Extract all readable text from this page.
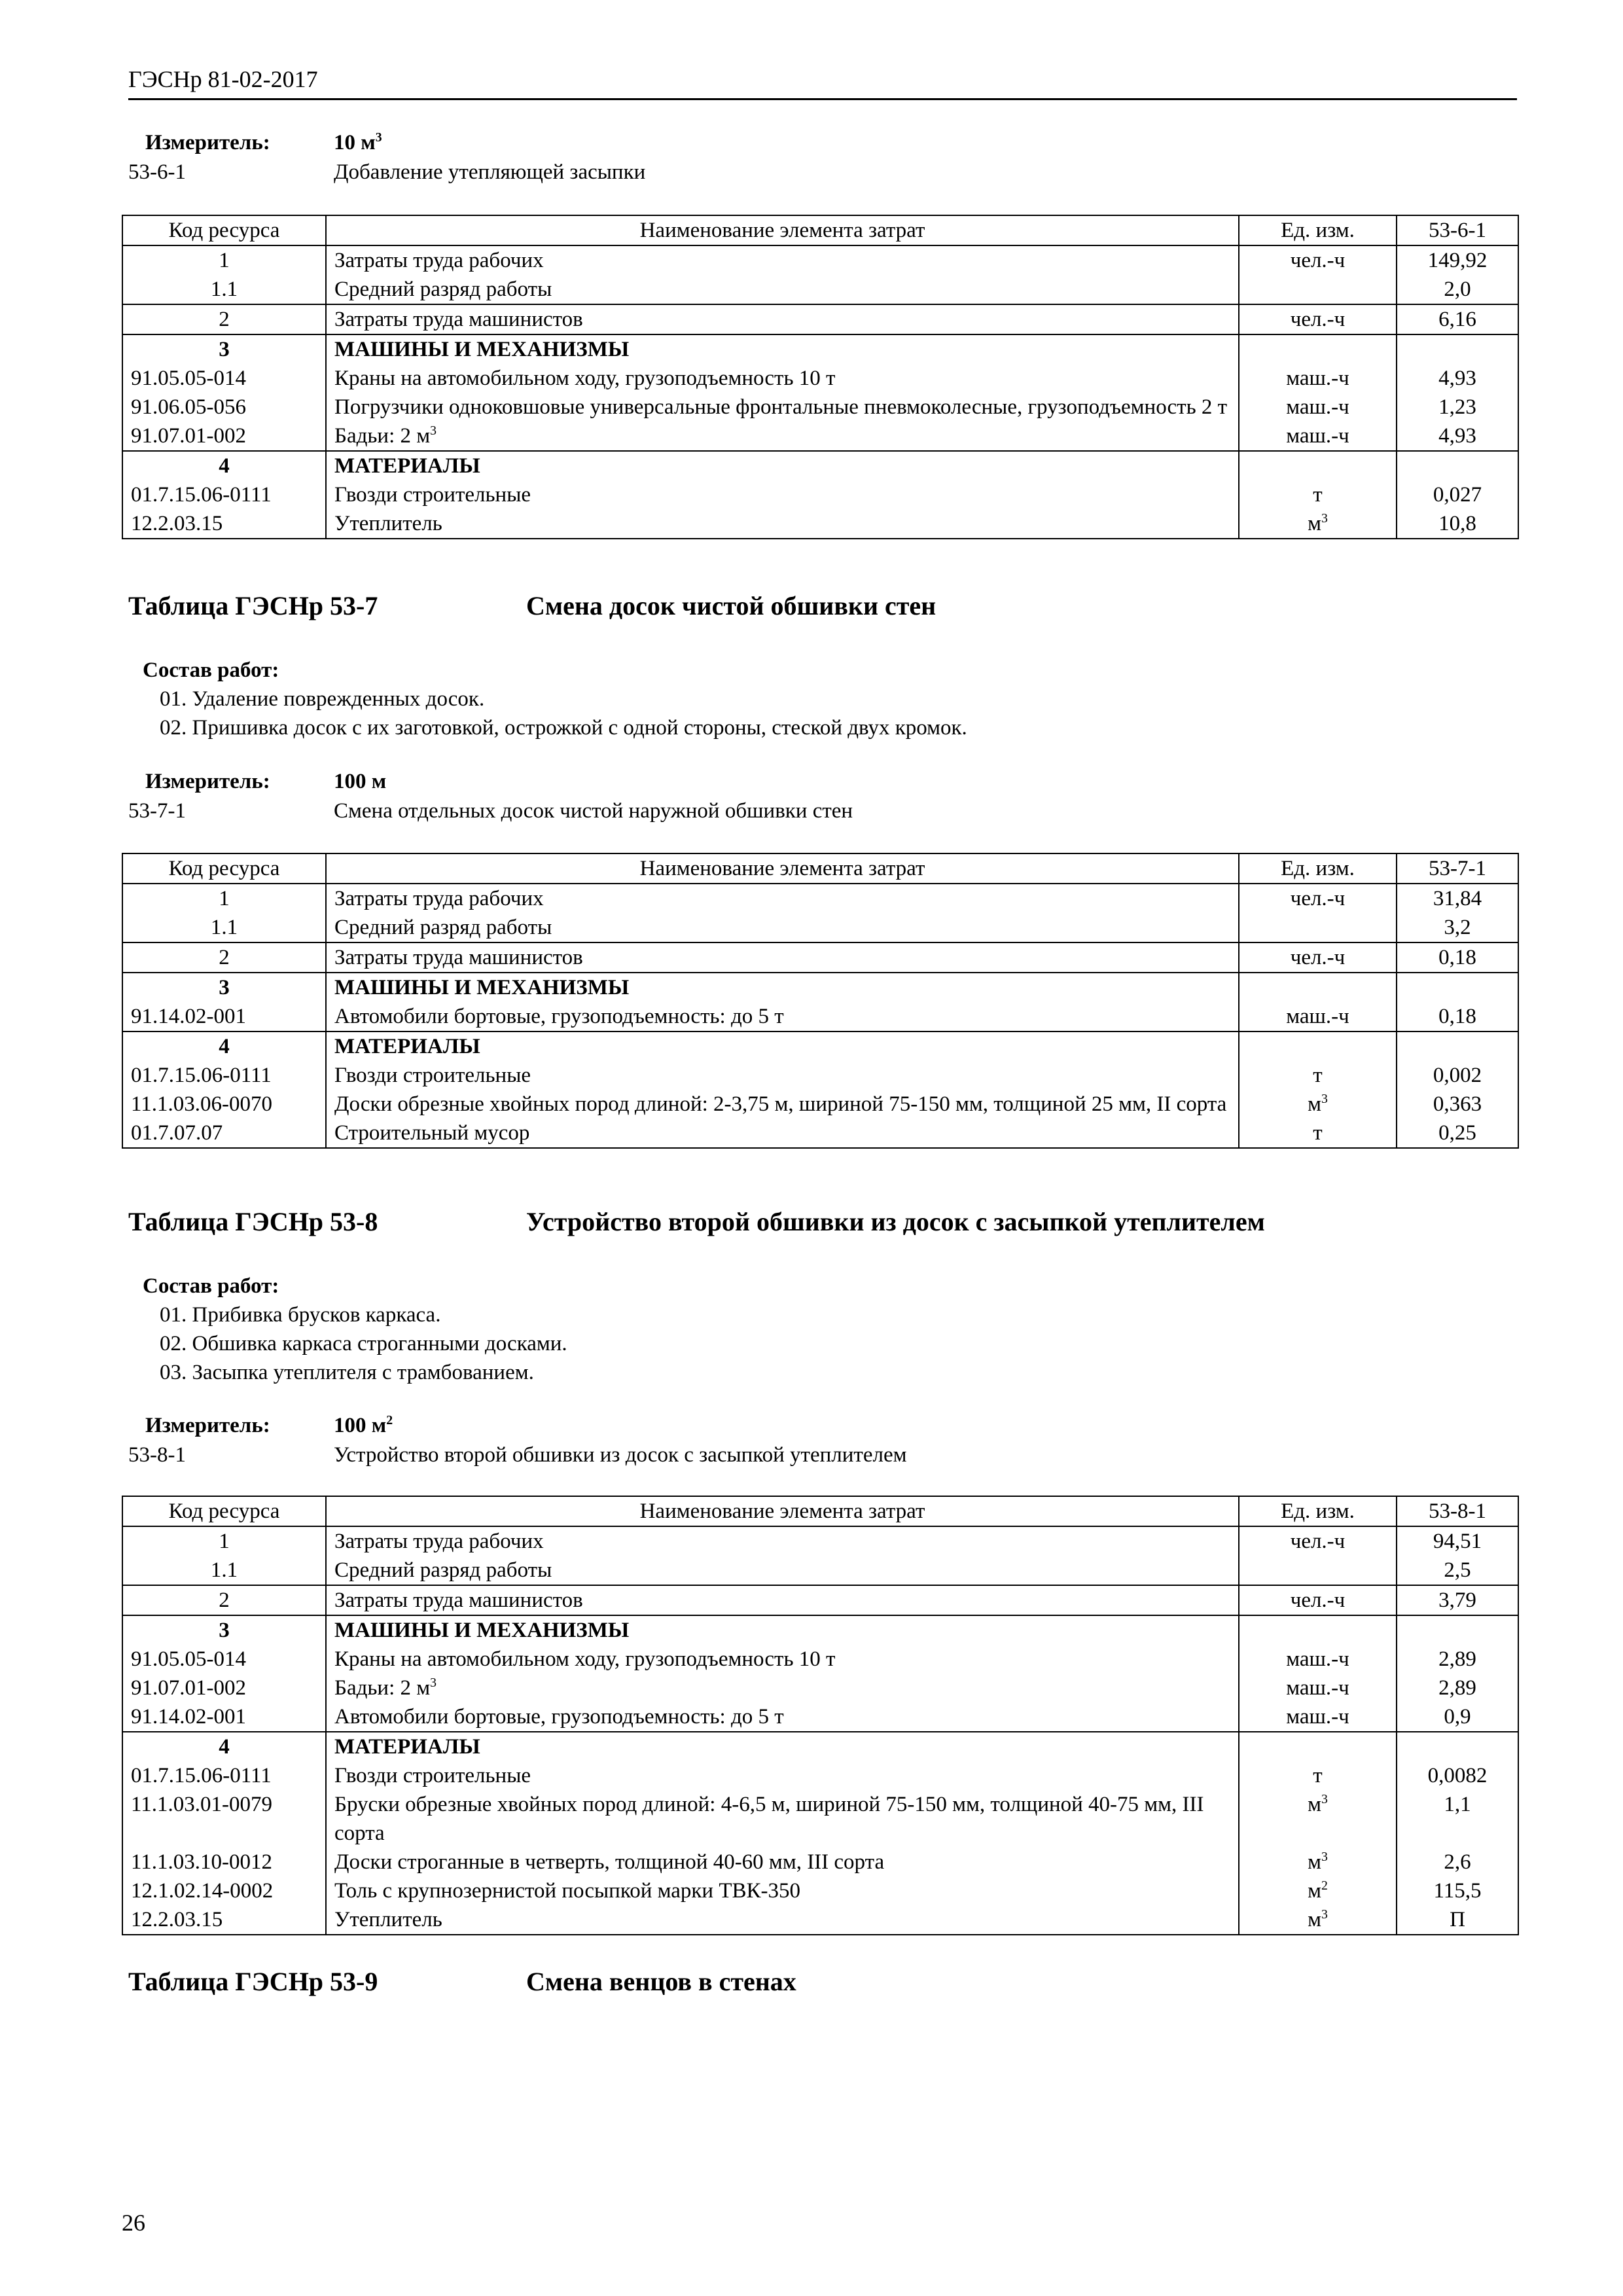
ГЭСНр 81-02-2017
Измеритель:	10 $м^3$
53-6-1	Добавление утепляющей засыпки
Код ресурса	Наименование элемента затрат	Ед. изм.	53-6-1
1	Затраты труда рабочих	чел.-ч	149,92
1.1	Средний разряд работы		2,0
2	Затраты труда машинистов	чел.-ч	6,16
3	МАШИНЫ И МЕХАНИЗМЫ		
91.05.05-014	Краны на автомобильном ходу, грузоподъемность 10 т	маш.-ч	4,93
91.06.05-056	Погрузчики одноковшовые универсальные фронтальные пневмоколесные, грузоподъемность 2 т	маш.-ч	1,23
91.07.01-002	Бадьи: 2 $м^3$	маш.-ч	4,93
4	МАТЕРИАЛЫ		
01.7.15.06-0111	Гвозди строительные	т	0,027
12.2.03.15	Утеплитель	$м^3$	10,8
Таблица ГЭСНр 53-7	Смена досок чистой обшивки стен
Состав работ:
01. Удаление поврежденных досок.
02. Пришивка досок с их заготовкой, острожкой с одной стороны, стеской двух кромок.
Измеритель:	100 м
53-7-1	Смена отдельных досок чистой наружной обшивки стен
Код ресурса	Наименование элемента затрат	Ед. изм.	53-7-1
1	Затраты труда рабочих	чел.-ч	31,84
1.1	Средний разряд работы		3,2
2	Затраты труда машинистов	чел.-ч	0,18
3	МАШИНЫ И МЕХАНИЗМЫ		
91.14.02-001	Автомобили бортовые, грузоподъемность: до 5 т	маш.-ч	0,18
4	МАТЕРИАЛЫ		
01.7.15.06-0111	Гвозди строительные	т	0,002
11.1.03.06-0070	Доски обрезные хвойных пород длиной: 2-3,75 м, шириной 75-150 мм, толщиной 25 мм, II сорта	$м^3$	0,363
01.7.07.07	Строительный мусор	т	0,25
Таблица ГЭСНр 53-8	Устройство второй обшивки из досок с засыпкой утеплителем
Состав работ:
01. Прибивка брусков каркаса.
02. Обшивка каркаса строганными досками.
03. Засыпка утеплителя с трамбованием.
Измеритель:	100 $м^2$
53-8-1	Устройство второй обшивки из досок с засыпкой утеплителем
Код ресурса	Наименование элемента затрат	Ед. изм.	53-8-1
1	Затраты труда рабочих	чел.-ч	94,51
1.1	Средний разряд работы		2,5
2	Затраты труда машинистов	чел.-ч	3,79
3	МАШИНЫ И МЕХАНИЗМЫ		
91.05.05-014	Краны на автомобильном ходу, грузоподъемность 10 т	маш.-ч	2,89
91.07.01-002	Бадьи: 2 $м^3$	маш.-ч	2,89
91.14.02-001	Автомобили бортовые, грузоподъемность: до 5 т	маш.-ч	0,9
4	МАТЕРИАЛЫ		
01.7.15.06-0111	Гвозди строительные	т	0,0082
11.1.03.01-0079	Бруски обрезные хвойных пород длиной: 4-6,5 м, шириной 75-150 мм, толщиной 40-75 мм, III сорта	$м^3$	1,1
11.1.03.10-0012	Доски строганные в четверть, толщиной 40-60 мм, III сорта	$м^3$	2,6
12.1.02.14-0002	Толь с крупнозернистой посыпкой марки ТВК-350	$м^2$	115,5
12.2.03.15	Утеплитель	$м^3$	П
Таблица ГЭСНр 53-9	Смена венцов в стенах
26
